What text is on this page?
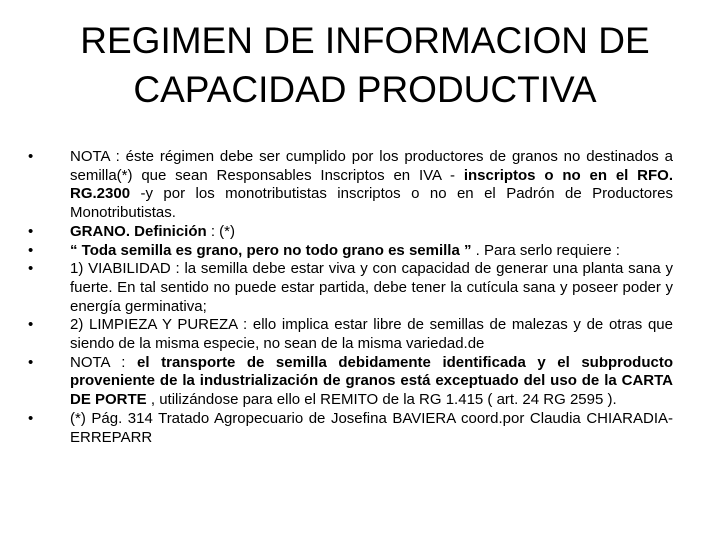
REGIMEN DE INFORMACION DE
CAPACIDAD PRODUCTIVA
•	NOTA : éste régimen debe ser cumplido por los productores de granos no destinados a semilla(*) que sean Responsables Inscriptos en IVA - inscriptos o no en el RFO. RG.2300 -y por los monotributistas inscriptos o no en el Padrón de Productores Monotributistas.
•	GRANO. Definición : (*)
•	“ Toda semilla es grano, pero no todo grano es semilla ” . Para serlo requiere :
•	1) VIABILIDAD : la semilla debe estar viva y con capacidad de generar una planta sana y fuerte. En tal sentido no puede estar partida, debe tener la cutícula sana y poseer poder y energía germinativa;
•	2) LIMPIEZA Y PUREZA : ello implica estar libre de semillas de malezas y de otras que siendo de la misma especie, no sean de la misma variedad.de
•	NOTA : el transporte de semilla debidamente identificada y el subproducto proveniente de la industrialización de granos está exceptuado del uso de la CARTA DE PORTE , utilizándose para ello el REMITO de la RG 1.415 ( art. 24 RG 2595 ).
•	(*) Pág. 314 Tratado Agropecuario de Josefina BAVIERA coord.por Claudia CHIARADIA- ERREPARR
